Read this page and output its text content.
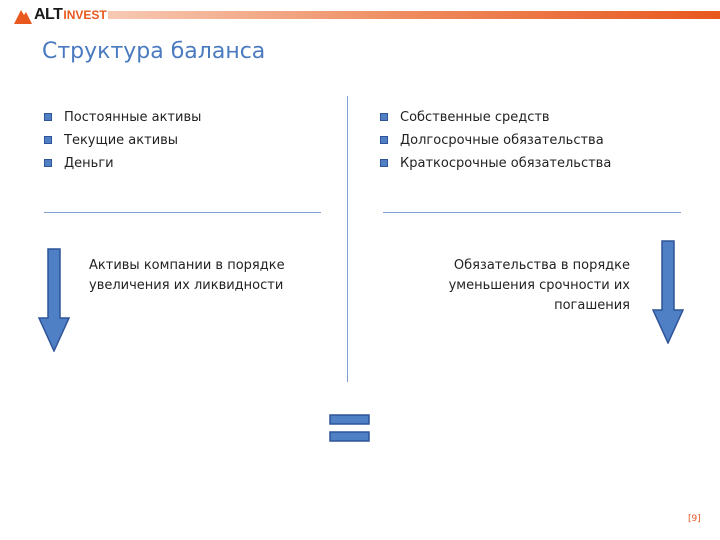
ALT INVEST
Структура баланса
Постоянные активы
Текущие активы
Деньги
Собственные средств
Долгосрочные обязательства
Краткосрочные обязательства
Активы компании в порядке увеличения их ликвидности
Обязательства в порядке уменьшения срочности их погашения
[9]
